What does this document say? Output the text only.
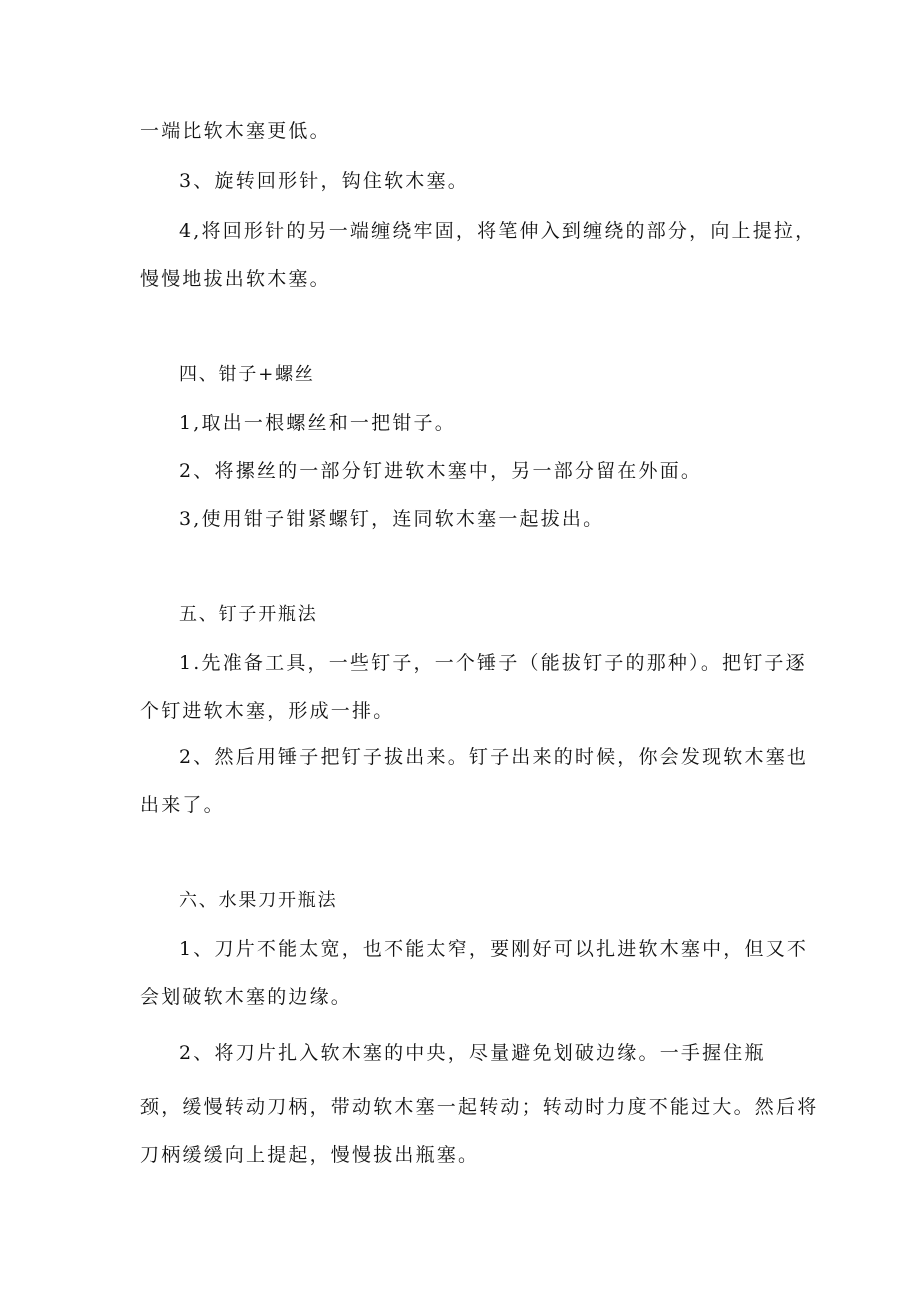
一端比软木塞更低。
3、旋转回形针，钩住软木塞。
4,将回形针的另一端缠绕牢固，将笔伸入到缠绕的部分，向上提拉，
慢慢地拔出软木塞。
四、钳子+螺丝
1,取出一根螺丝和一把钳子。
2、将摞丝的一部分钉进软木塞中，另一部分留在外面。
3,使用钳子钳紧螺钉，连同软木塞一起拔出。
五、钉子开瓶法
1.先准备工具，一些钉子，一个锤子（能拔钉子的那种）。把钉子逐
个钉进软木塞，形成一排。
2、然后用锤子把钉子拔出来。钉子出来的时候，你会发现软木塞也
出来了。
六、水果刀开瓶法
1、刀片不能太宽，也不能太窄，要刚好可以扎进软木塞中，但又不
会划破软木塞的边缘。
2、将刀片扎入软木塞的中央，尽量避免划破边缘。一手握住瓶
颈，缓慢转动刀柄，带动软木塞一起转动；转动时力度不能过大。然后将
刀柄缓缓向上提起，慢慢拔出瓶塞。
